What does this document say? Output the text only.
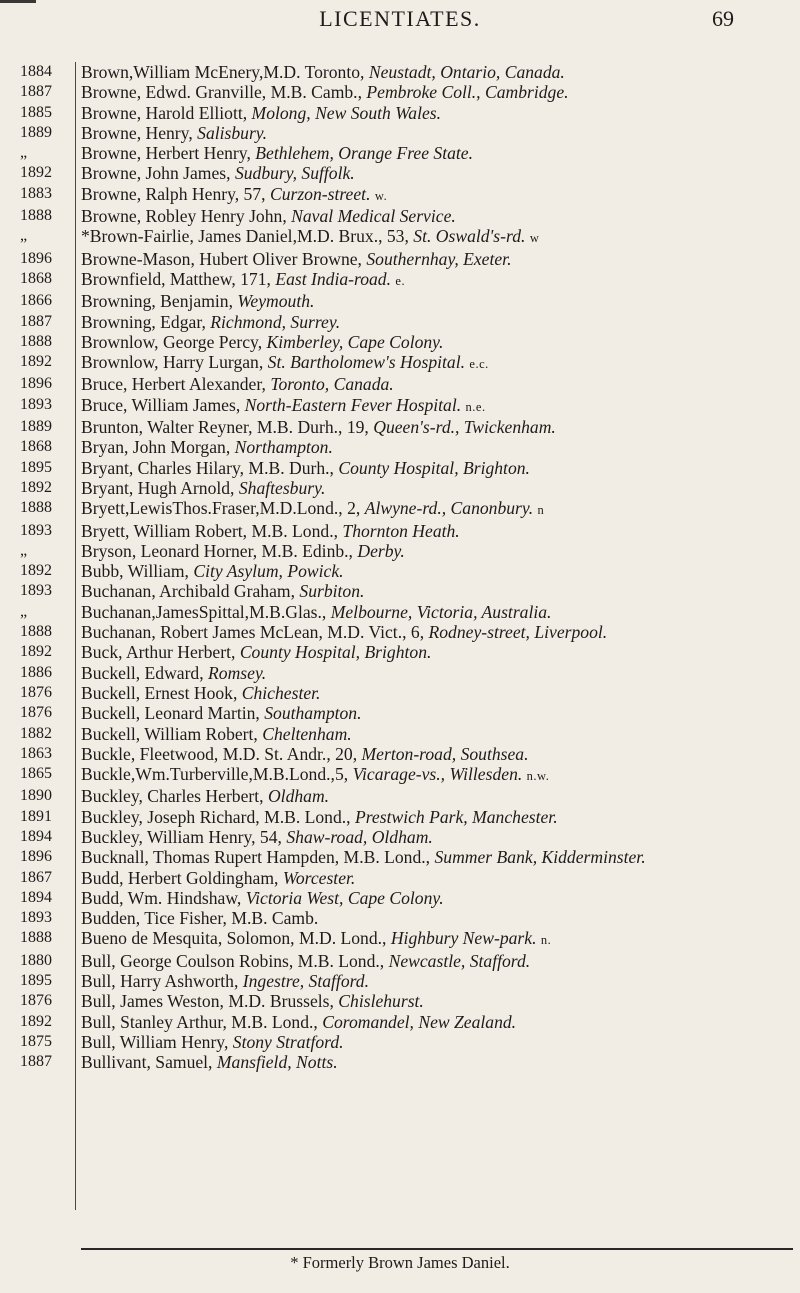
LICENTIATES.	69
1884	Brown,William McEnery,M.D. Toronto, Neustadt, Ontario, Canada.
1887	Browne, Edwd. Granville, M.B. Camb., Pembroke Coll., Cambridge.
1885	Browne, Harold Elliott, Molong, New South Wales.
1889	Browne, Henry, Salisbury.
„	Browne, Herbert Henry, Bethlehem, Orange Free State.
1892	Browne, John James, Sudbury, Suffolk.
1883	Browne, Ralph Henry, 57, Curzon-street. w.
1888	Browne, Robley Henry John, Naval Medical Service.
„	*Brown-Fairlie, James Daniel,M.D. Brux., 53, St. Oswald's-rd. w
1896	Browne-Mason, Hubert Oliver Browne, Southernhay, Exeter.
1868	Brownfield, Matthew, 171, East India-road. e.
1866	Browning, Benjamin, Weymouth.
1887	Browning, Edgar, Richmond, Surrey.
1888	Brownlow, George Percy, Kimberley, Cape Colony.
1892	Brownlow, Harry Lurgan, St. Bartholomew's Hospital. e.c.
1896	Bruce, Herbert Alexander, Toronto, Canada.
1893	Bruce, William James, North-Eastern Fever Hospital. n.e.
1889	Brunton, Walter Reyner, M.B. Durh., 19, Queen's-rd., Twickenham.
1868	Bryan, John Morgan, Northampton.
1895	Bryant, Charles Hilary, M.B. Durh., County Hospital, Brighton.
1892	Bryant, Hugh Arnold, Shaftesbury.
1888	Bryett,LewisThos.Fraser,M.D.Lond., 2, Alwyne-rd., Canonbury. n
1893	Bryett, William Robert, M.B. Lond., Thornton Heath.
„	Bryson, Leonard Horner, M.B. Edinb., Derby.
1892	Bubb, William, City Asylum, Powick.
1893	Buchanan, Archibald Graham, Surbiton.
„	Buchanan,JamesSpittal,M.B.Glas., Melbourne, Victoria, Australia.
1888	Buchanan, Robert James McLean, M.D. Vict., 6, Rodney-street, Liverpool.
1892	Buck, Arthur Herbert, County Hospital, Brighton.
1886	Buckell, Edward, Romsey.
1876	Buckell, Ernest Hook, Chichester.
1876	Buckell, Leonard Martin, Southampton.
1882	Buckell, William Robert, Cheltenham.
1863	Buckle, Fleetwood, M.D. St. Andr., 20, Merton-road, Southsea.
1865	Buckle,Wm.Turberville,M.B.Lond.,5, Vicarage-vs., Willesden. n.w.
1890	Buckley, Charles Herbert, Oldham.
1891	Buckley, Joseph Richard, M.B. Lond., Prestwich Park, Manchester.
1894	Buckley, William Henry, 54, Shaw-road, Oldham.
1896	Bucknall, Thomas Rupert Hampden, M.B. Lond., Summer Bank, Kidderminster.
1867	Budd, Herbert Goldingham, Worcester.
1894	Budd, Wm. Hindshaw, Victoria West, Cape Colony.
1893	Budden, Tice Fisher, M.B. Camb.
1888	Bueno de Mesquita, Solomon, M.D. Lond., Highbury New-park. n.
1880	Bull, George Coulson Robins, M.B. Lond., Newcastle, Stafford.
1895	Bull, Harry Ashworth, Ingestre, Stafford.
1876	Bull, James Weston, M.D. Brussels, Chislehurst.
1892	Bull, Stanley Arthur, M.B. Lond., Coromandel, New Zealand.
1875	Bull, William Henry, Stony Stratford.
1887	Bullivant, Samuel, Mansfield, Notts.
* Formerly Brown James Daniel.
